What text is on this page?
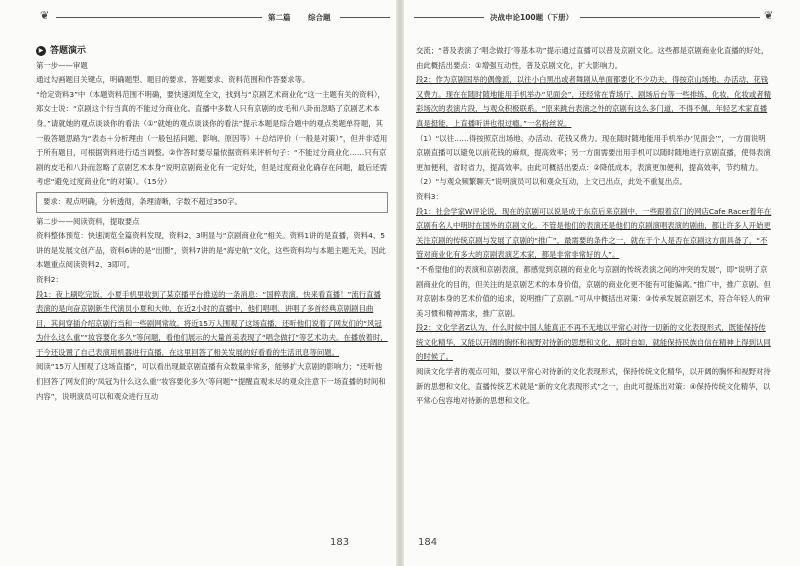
❦	第二篇 综合题
▶ 答题演示

第一步——审题

通过勾画题目关键点，明确题型、题目的要求、答题要求、资料范围和作答要求等。

“给定资料3”中（本题资料范围不明确，要快速浏览全文，找到与“京剧艺术商业化”这一主题有关的资料），郑女士说：“京剧这个行当真的不能过分商业化。直播中多数人只有京剧的皮毛和八卦而忽略了京剧艺术本身。”请就她的观点谈谈你的看法（①“就她的观点谈谈你的看法”提示本题是综合题中的观点类题单符题，其一般答题思路为“表态＋分析理由（一般包括问题、影响、原因等）＋总结评价（一般是对策）”，但并非适用于所有题目，可根据资料进行适当调整。②作答时要尽量依据资料来评析句子：“不能过分商业化……只有京剧的皮毛和八卦而忽略了京剧艺术本身”说明京剧商业化有一定好处，但是过度商业化确存在问题，最后还需考虑“避免过度商业化”的对策）。（15分）

要求：观点明确，分析透彻，条理清晰，字数不超过350字。

第二步——阅读资料，提取要点

资料整体预览：快速浏览全篇资料发现，资料2、3明显与“京剧商业化”相关。资料1讲的是直播，资料4、5讲的是发展文创产品，资料6讲的是“出圈”，资料7讲的是“海史航”文化，这些资料均与本题主题无关，因此本题重点阅读资料2、3即可。

资料2：

段1：夜上刷吃完饭，小夏手机里收到了某京播平台推送的一条消息：“国粹表演，快来看直播！”流行直播表演的是向奋京剧新生代演员小夏和大帅，在近2小时的直播中，他们唱唱、讲唱了多首经典京剧剧目曲目，其间穿插介绍京剧行当和一些剧网常故。将近15万人围观了这场直播，还听他们说着了网友们的“风冠为什么这么重”“妆容要化多久”等问题，看他们展示的大量首美表现了“唱念做打”等艺术功夫。在播放着时，于今还设置了自己表演用机器进行直播，在这里回答了相关发展的好看看的生活讯息等问题。

阅读“15万人围观了这场直播”，可以看出现最京剧直播有众数量非常多，能够扩大京剧的影响力；“还听他们回答了网友们的‘凤冠为什么这么重’‘妆容要化多久’等问题”“提醒直观未尽的观众注意下一场直播的时间和内容”，说明演员可以和观众进行互动

183
决战申论100题（下册）	❦

交流；“普及表演了‘唱念做打’等基本功”提示通过直播可以普及京剧文化。这些都是京剧商业化直播的好处，由此概括出要点：①增强互动性，普及京剧文化，扩大影响力。

段2：作为京剧国举的偶像派，以往小白黑出或者舞剧从单面都要化不少功夫，得按京山场地、办活动、花钱又费力。现在在随时随地能用手机举办“见面会”，还经常在背场厅、剧场后台等一些排练、化妆，化妆或者精彩场次的表演片段，与观众积极联系。“原来跳台表演之外的京剧有这么多门道，不得不佩，年轻艺术家直播真是挺能，上直播听讲也很过瘾。”一名粉丝说。

（1）“以往……得按照京出场地、办活动、花钱又费力。现在随时随地能用手机举办‘见面会’”，一方面说明京剧直播可以避免以前花钱的麻烦，提高效率；另一方面需要出用手机可以随时随地进行京剧直播，使得表演更加便利，省时省力，提高效率。由此可概括出要点：②降低成本，表演更加便利，提高效率，节约精力。

（2）“与观众频繁聊天”说明演员可以和观众互动，上文已出点，此处不重复出点。

资料3：

段1：社会学家W评论说，现在的京剧可以说是成于东京后来京剧中，一些跟着京门的网店Cafe Racer着年在京剧有名人中明时在国外的京剧文化。不管是他们的表演还是他们的京剧演唱表演的剧曲，都让许多人开始更关注京剧的传统京剧与发展了京剧的“推广”，最需要的条件之一，就在于个人是否在京剧这方面具备了，“不管对商业化有多大的京剧表演艺术家，都是非常非常好的人”。

“不希望他们的表演和京剧表演，都感觉到京剧的商业化与京剧的传统表演之间的冲突的发展”，即“说明了京剧商业化的目的，但关注的是京剧艺术的本身价值，京剧的商业化更不能有可能偏离。”推广中，推广京剧、但对京剧本身的艺术价值的追求，说明推广了京剧。”可从中概括出对策：③传承发展京剧艺术，符合年轻人的审美习惯和精神需求，推广京剧。

段2：文化学者Z认为，什么时候中国人能真正不再不无地以平常心对待一切新的文化表现形式，既能保持传统文化精华，又能以开阔的胸怀和视野对待新的思想和文化，那时自如，就能保持民族自信在精神上得到认同的时候了。

阅读文化学者的观点可知，要以平常心对待新的文化表现形式，保持传统文化精华，以开阔的胸怀和视野对待新的思想和文化，直播传统艺术就是“新的文化表现形式”之一，由此可提炼出对策：④保持传统文化精华，以平常心包容地对待新的思想和文化。

184
